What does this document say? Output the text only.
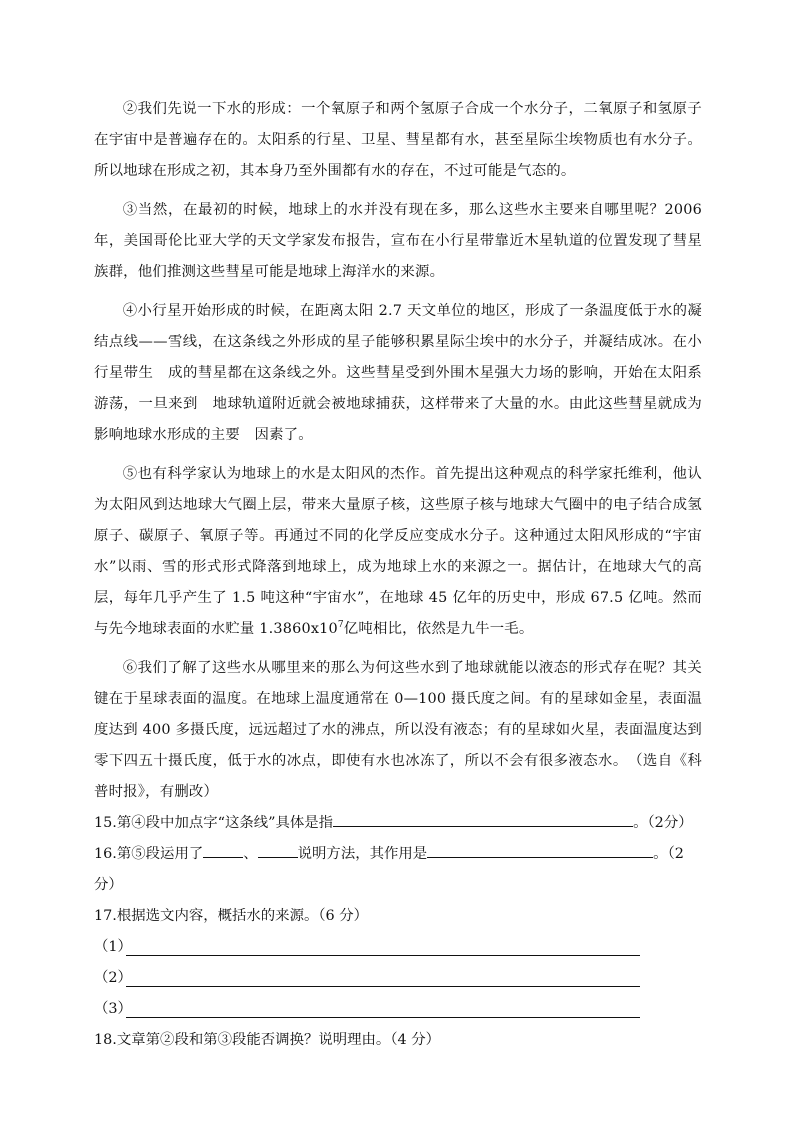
②我们先说一下水的形成：一个氧原子和两个氢原子合成一个水分子，二氧原子和氢原子在宇宙中是普遍存在的。太阳系的行星、卫星、彗星都有水，甚至星际尘埃物质也有水分子。所以地球在形成之初，其本身乃至外围都有水的存在，不过可能是气态的。

③当然，在最初的时候，地球上的水并没有现在多，那么这些水主要来自哪里呢？2006 年，美国哥伦比亚大学的天文学家发布报告，宣布在小行星带靠近木星轨道的位置发现了彗星族群，他们推测这些彗星可能是地球上海洋水的来源。

④小行星开始形成的时候，在距离太阳 2.7 天文单位的地区，形成了一条温度低于水的凝结点线——雪线，在这条线之外形成的星子能够积累星际尘埃中的水分子，并凝结成冰。在小行星带生　成的彗星都在这条线之外。这些彗星受到外围木星强大力场的影响，开始在太阳系游荡，一旦来到　地球轨道附近就会被地球捕获，这样带来了大量的水。由此这些彗星就成为影响地球水形成的主要　因素了。

⑤也有科学家认为地球上的水是太阳风的杰作。首先提出这种观点的科学家托维利，他认为太阳风到达地球大气圈上层，带来大量原子核，这些原子核与地球大气圈中的电子结合成氢原子、碳原子、氧原子等。再通过不同的化学反应变成水分子。这种通过太阳风形成的“宇宙水”以雨、雪的形式形式降落到地球上，成为地球上水的来源之一。据估计，在地球大气的高层，每年几乎产生了 1.5 吨这种“宇宙水”，在地球 45 亿年的历史中，形成 67.5 亿吨。然而与先今地球表面的水贮量 $1.3860x10^7$亿吨相比，依然是九牛一毛。

⑥我们了解了这些水从哪里来的那么为何这些水到了地球就能以液态的形式存在呢？其关键在于星球表面的温度。在地球上温度通常在 0—100 摄氏度之间。有的星球如金星，表面温度达到 400 多摄氏度，远远超过了水的沸点，所以没有液态；有的星球如火星，表面温度达到零下四五十摄氏度，低于水的冰点，即使有水也冰冻了，所以不会有很多液态水。　（选自《科普时报》，有删改）

15.第④段中加点字“这条线”具体是指	。（2分）

16.第⑤段运用了	、	说明方法，其作用是	。（2分）

17.根据选文内容，概括水的来源。（6 分）

（1）
（2）
（3）

18.文章第②段和第③段能否调换？说明理由。（4 分）
